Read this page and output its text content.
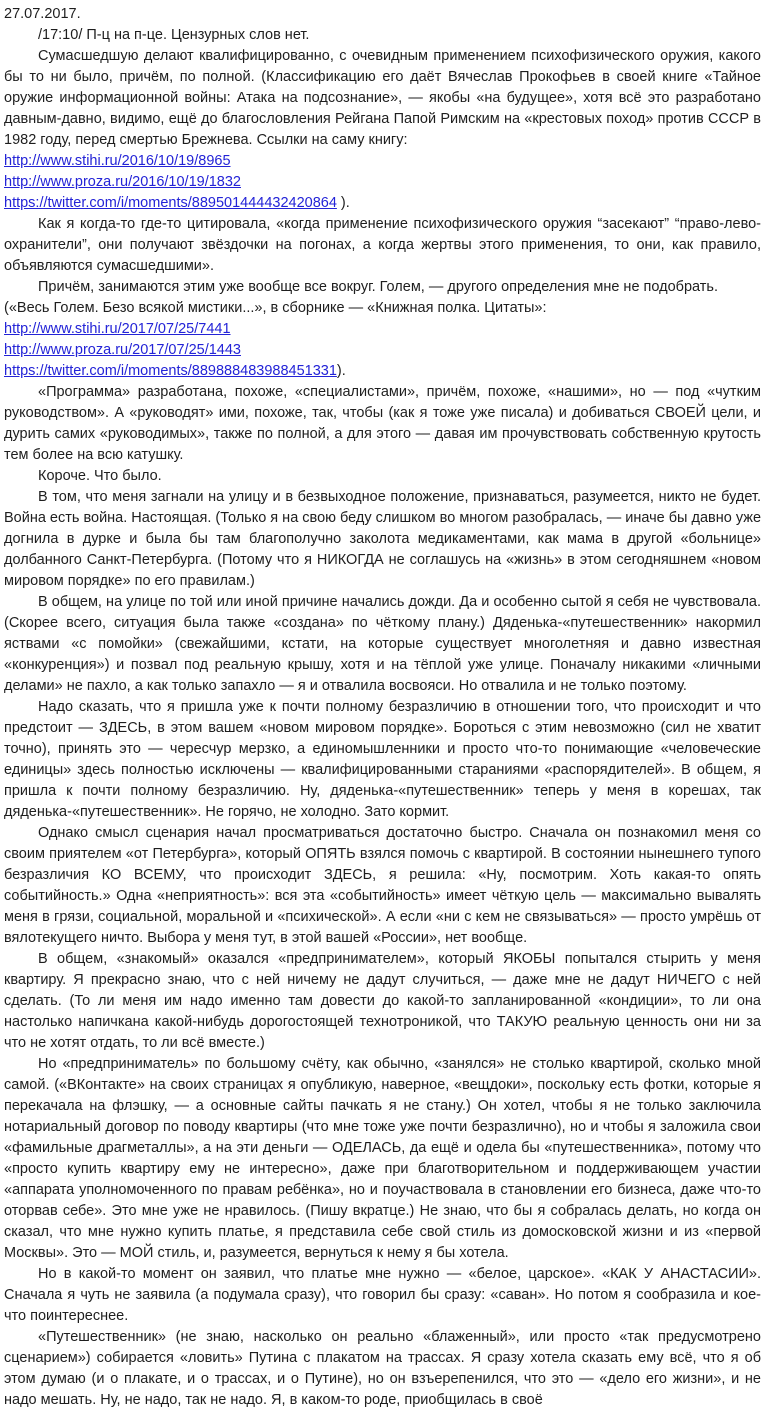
27.07.2017.

/17:10/ П-ц на п-це. Цензурных слов нет.

Сумасшедшую делают квалифицированно, с очевидным применением психофизического оружия, какого бы то ни было, причём, по полной. (Классификацию его даёт Вячеслав Прокофьев в своей книге «Тайное оружие информационной войны: Атака на подсознание», — якобы «на будущее», хотя всё это разработано давным-давно, видимо, ещё до благословления Рейгана Папой Римским на «крестовых поход» против СССР в 1982 году, перед смертью Брежнева. Ссылки на саму книгу:

http://www.stihi.ru/2016/10/19/8965

http://www.proza.ru/2016/10/19/1832

https://twitter.com/i/moments/889501444432420864 ).

Как я когда-то где-то цитировала, «когда применение психофизического оружия “засекают” “право-лево-охранители”, они получают звёздочки на погонах, а когда жертвы этого применения, то они, как правило, объявляются сумасшедшими».

Причём, занимаются этим уже вообще все вокруг. Голем, — другого определения мне не подобрать.

(«Весь Голем. Безо всякой мистики...», в сборнике — «Книжная полка. Цитаты»:

http://www.stihi.ru/2017/07/25/7441

http://www.proza.ru/2017/07/25/1443

https://twitter.com/i/moments/889888483988451331).

«Программа» разработана, похоже, «специалистами», причём, похоже, «нашими», но — под «чутким руководством». А «руководят» ими, похоже, так, чтобы (как я тоже уже писала) и добиваться СВОЕЙ цели, и дурить самих «руководимых», также по полной, а для этого — давая им прочувствовать собственную крутость тем более на всю катушку.

Короче. Что было.

В том, что меня загнали на улицу и в безвыходное положение, признаваться, разумеется, никто не будет. Война есть война. Настоящая. (Только я на свою беду слишком во многом разобралась, — иначе бы давно уже догнила в дурке и была бы там благополучно заколота медикаментами, как мама в другой «больнице» долбанного Санкт-Петербурга. (Потому что я НИКОГДА не соглашусь на «жизнь» в этом сегодняшнем «новом мировом порядке» по его правилам.)

В общем, на улице по той или иной причине начались дожди. Да и особенно сытой я себя не чувствовала. (Скорее всего, ситуация была также «создана» по чёткому плану.) Дяденька-«путешественник» накормил яствами «с помойки» (свежайшими, кстати, на которые существует многолетняя и давно известная «конкуренция») и позвал под реальную крышу, хотя и на тёплой уже улице. Поначалу никакими «личными делами» не пахло, а как только запахло — я и отвалила восвояси. Но отвалила и не только поэтому.

Надо сказать, что я пришла уже к почти полному безразличию в отношении того, что происходит и что предстоит — ЗДЕСЬ, в этом вашем «новом мировом порядке». Бороться с этим невозможно (сил не хватит точно), принять это — чересчур мерзко, а единомышленники и просто что-то понимающие «человеческие единицы» здесь полностью исключены — квалифицированными стараниями «распорядителей». В общем, я пришла к почти полному безразличию. Ну, дяденька-«путешественник» теперь у меня в корешах, так дяденька-«путешественник». Не горячо, не холодно. Зато кормит.

Однако смысл сценария начал просматриваться достаточно быстро. Сначала он познакомил меня со своим приятелем «от Петербурга», который ОПЯТЬ взялся помочь с квартирой. В состоянии нынешнего тупого безразличия КО ВСЕМУ, что происходит ЗДЕСЬ, я решила: «Ну, посмотрим. Хоть какая-то опять событийность.» Одна «неприятность»: вся эта «событийность» имеет чёткую цель — максимально вывалять меня в грязи, социальной, моральной и «психической». А если «ни с кем не связываться» — просто умрёшь от вялотекущего ничто. Выбора у меня тут, в этой вашей «России», нет вообще.

В общем, «знакомый» оказался «предпринимателем», который ЯКОБЫ попытался стырить у меня квартиру. Я прекрасно знаю, что с ней ничему не дадут случиться, — даже мне не дадут НИЧЕГО с ней сделать. (То ли меня им надо именно там довести до какой-то запланированной «кондиции», то ли она настолько напичкана какой-нибудь дорогостоящей технотроникой, что ТАКУЮ реальную ценность они ни за что не хотят отдать, то ли всё вместе.)

Но «предприниматель» по большому счёту, как обычно, «занялся» не столько квартирой, сколько мной самой. («ВКонтакте» на своих страницах я опубликую, наверное, «вещдоки», поскольку есть фотки, которые я перекачала на флэшку, — а основные сайты пачкать я не стану.) Он хотел, чтобы я не только заключила нотариальный договор по поводу квартиры (что мне тоже уже почти безразлично), но и чтобы я заложила свои «фамильные драгметаллы», а на эти деньги — ОДЕЛАСЬ, да ещё и одела бы «путешественника», потому что «просто купить квартиру ему не интересно», даже при благотворительном и поддерживающем участии «аппарата уполномоченного по правам ребёнка», но и поучаствовала в становлении его бизнеса, даже что-то оторвав себе». Это мне уже не нравилось. (Пишу вкратце.) Не знаю, что бы я собралась делать, но когда он сказал, что мне нужно купить платье, я представила себе свой стиль из домосковской жизни и из «первой Москвы». Это — МОЙ стиль, и, разумеется, вернуться к нему я бы хотела.

Но в какой-то момент он заявил, что платье мне нужно — «белое, царское». «КАК У АНАСТАСИИ». Сначала я чуть не заявила (а подумала сразу), что говорил бы сразу: «саван». Но потом я сообразила и кое-что поинтереснее.

«Путешественник» (не знаю, насколько он реально «блаженный», или просто «так предусмотрено сценарием») собирается «ловить» Путина с плакатом на трассах. Я сразу хотела сказать ему всё, что я об этом думаю (и о плакате, и о трассах, и о Путине), но он взъерепенился, что это — «дело его жизни», и не надо мешать. Ну, не надо, так не надо. Я, в каком-то роде, приобщилась в своё
